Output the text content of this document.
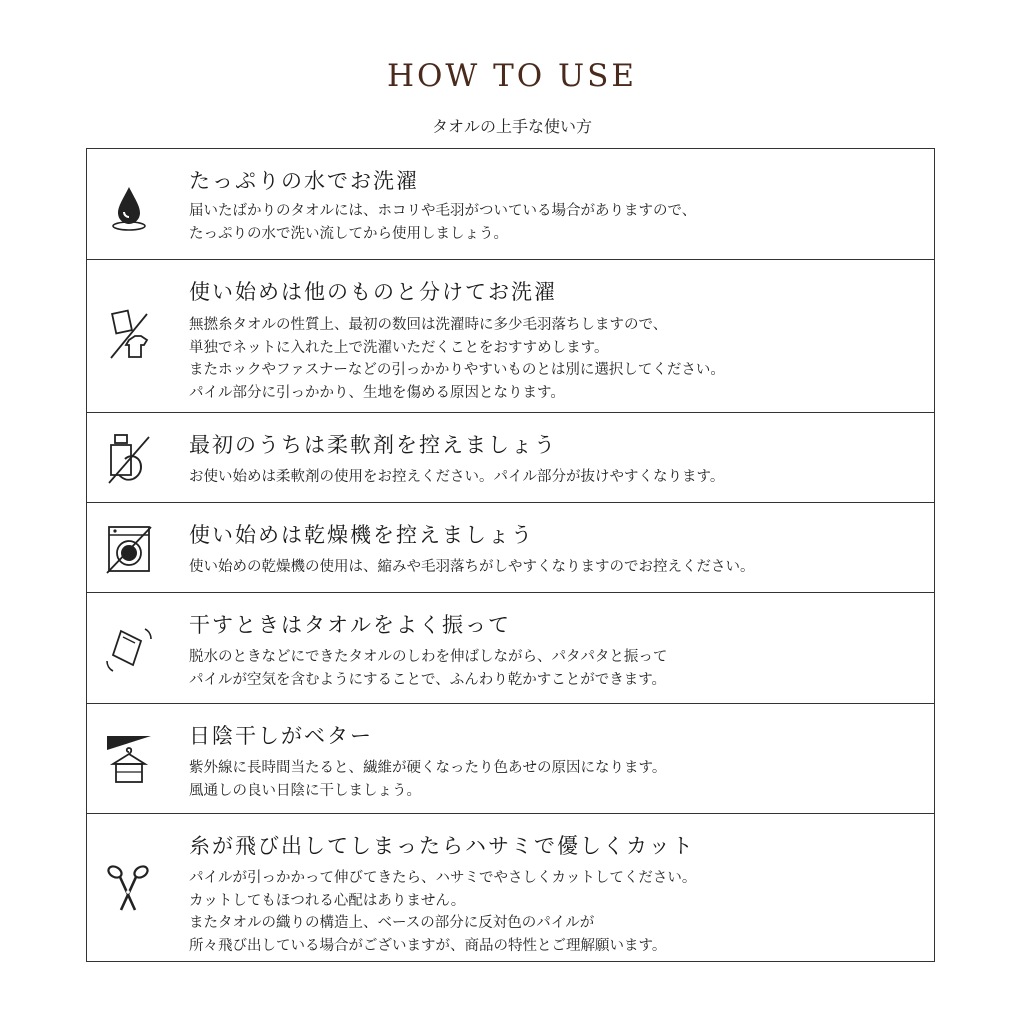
HOW TO USE
タオルの上手な使い方
たっぷりの水でお洗濯
届いたばかりのタオルには、ホコリや毛羽がついている場合がありますので、
たっぷりの水で洗い流してから使用しましょう。
使い始めは他のものと分けてお洗濯
無撚糸タオルの性質上、最初の数回は洗濯時に多少毛羽落ちしますので、
単独でネットに入れた上で洗濯いただくことをおすすめします。
またホックやファスナーなどの引っかかりやすいものとは別に選択してください。
パイル部分に引っかかり、生地を傷める原因となります。
最初のうちは柔軟剤を控えましょう
お使い始めは柔軟剤の使用をお控えください。パイル部分が抜けやすくなります。
使い始めは乾燥機を控えましょう
使い始めの乾燥機の使用は、縮みや毛羽落ちがしやすくなりますのでお控えください。
干すときはタオルをよく振って
脱水のときなどにできたタオルのしわを伸ばしながら、パタパタと振って
パイルが空気を含むようにすることで、ふんわり乾かすことができます。
日陰干しがベター
紫外線に長時間当たると、繊維が硬くなったり色あせの原因になります。
風通しの良い日陰に干しましょう。
糸が飛び出してしまったらハサミで優しくカット
パイルが引っかかって伸びてきたら、ハサミでやさしくカットしてください。
カットしてもほつれる心配はありません。
またタオルの織りの構造上、ベースの部分に反対色のパイルが
所々飛び出している場合がございますが、商品の特性とご理解願います。
